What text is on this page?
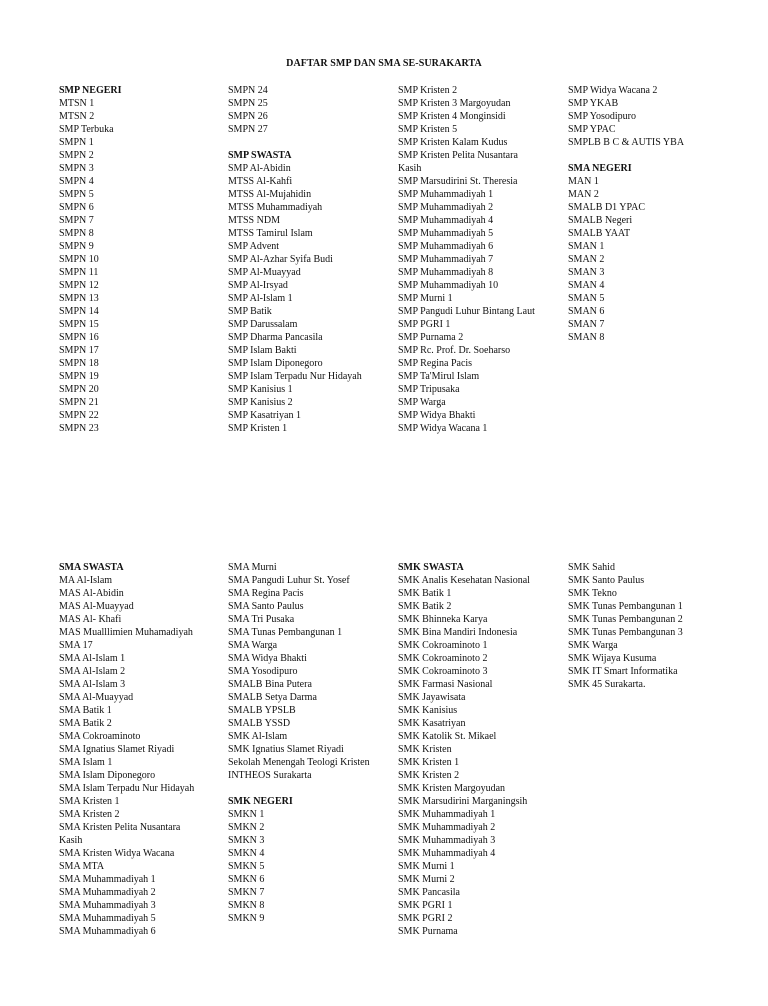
DAFTAR SMP DAN SMA SE-SURAKARTA
SMP NEGERI
MTSN 1
MTSN 2
SMP Terbuka
SMPN 1
SMPN 2
SMPN 3
SMPN 4
SMPN 5
SMPN 6
SMPN 7
SMPN 8
SMPN 9
SMPN 10
SMPN 11
SMPN 12
SMPN 13
SMPN 14
SMPN 15
SMPN 16
SMPN 17
SMPN 18
SMPN 19
SMPN 20
SMPN 21
SMPN 22
SMPN 23
SMPN 24
SMPN 25
SMPN 26
SMPN 27
SMP SWASTA
SMP Al-Abidin
MTSS Al-Kahfi
MTSS Al-Mujahidin
MTSS Muhammadiyah
MTSS NDM
MTSS Tamirul Islam
SMP Advent
SMP Al-Azhar Syifa Budi
SMP Al-Muayyad
SMP Al-Irsyad
SMP Al-Islam 1
SMP Batik
SMP Darussalam
SMP Dharma Pancasila
SMP Islam Bakti
SMP Islam Diponegoro
SMP Islam Terpadu Nur Hidayah
SMP Kanisius 1
SMP Kanisius 2
SMP Kasatriyan 1
SMP Kristen 1
SMP Kristen 2
SMP Kristen 3 Margoyudan
SMP Kristen 4 Monginsidi
SMP Kristen 5
SMP Kristen Kalam Kudus
SMP Kristen Pelita Nusantara
Kasih
SMP Marsudirini St. Theresia
SMP Muhammadiyah 1
SMP Muhammadiyah 2
SMP Muhammadiyah 4
SMP Muhammadiyah 5
SMP Muhammadiyah 6
SMP Muhammadiyah 7
SMP Muhammadiyah 8
SMP Muhammadiyah 10
SMP Murni 1
SMP Pangudi Luhur Bintang Laut
SMP PGRI 1
SMP Purnama 2
SMP Rc. Prof. Dr. Soeharso
SMP Regina Pacis
SMP Ta'Mirul Islam
SMP Tripusaka
SMP Warga
SMP Widya Bhakti
SMP Widya Wacana 1
SMP Widya Wacana 2
SMP YKAB
SMP Yosodipuro
SMP YPAC
SMPLB B C & AUTIS YBA
SMA NEGERI
MAN 1
MAN 2
SMALB D1 YPAC
SMALB Negeri
SMALB YAAT
SMAN 1
SMAN 2
SMAN 3
SMAN 4
SMAN 5
SMAN 6
SMAN 7
SMAN 8
SMA SWASTA
MA Al-Islam
MAS Al-Abidin
MAS Al-Muayyad
MAS Al- Khafi
MAS Mualllimien Muhamadiyah
SMA 17
SMA Al-Islam 1
SMA Al-Islam 2
SMA Al-Islam 3
SMA Al-Muayyad
SMA Batik 1
SMA Batik 2
SMA Cokroaminoto
SMA Ignatius Slamet Riyadi
SMA Islam 1
SMA Islam Diponegoro
SMA Islam Terpadu Nur Hidayah
SMA Kristen 1
SMA Kristen 2
SMA Kristen Pelita Nusantara
Kasih
SMA Kristen Widya Wacana
SMA MTA
SMA Muhammadiyah 1
SMA Muhammadiyah 2
SMA Muhammadiyah 3
SMA Muhammadiyah 5
SMA Muhammadiyah 6
SMA Murni
SMA Pangudi Luhur St. Yosef
SMA Regina Pacis
SMA Santo Paulus
SMA Tri Pusaka
SMA Tunas Pembangunan 1
SMA Warga
SMA Widya Bhakti
SMA Yosodipuro
SMALB Bina Putera
SMALB Setya Darma
SMALB YPSLB
SMALB YSSD
SMK Al-Islam
SMK Ignatius Slamet Riyadi
Sekolah Menengah Teologi Kristen
INTHEOS Surakarta
SMK NEGERI
SMKN 1
SMKN 2
SMKN 3
SMKN 4
SMKN 5
SMKN 6
SMKN 7
SMKN 8
SMKN 9
SMK SWASTA
SMK Analis Kesehatan Nasional
SMK Batik 1
SMK Batik 2
SMK Bhinneka Karya
SMK Bina Mandiri Indonesia
SMK Cokroaminoto 1
SMK Cokroaminoto 2
SMK Cokroaminoto 3
SMK Farmasi Nasional
SMK Jayawisata
SMK Kanisius
SMK Kasatriyan
SMK Katolik St. Mikael
SMK Kristen
SMK Kristen 1
SMK Kristen 2
SMK Kristen Margoyudan
SMK Marsudirini Marganingsih
SMK Muhammadiyah 1
SMK Muhammadiyah 2
SMK Muhammadiyah 3
SMK Muhammadiyah 4
SMK Murni 1
SMK Murni 2
SMK Pancasila
SMK PGRI 1
SMK PGRI 2
SMK Purnama
SMK Sahid
SMK Santo Paulus
SMK Tekno
SMK Tunas Pembangunan 1
SMK Tunas Pembangunan 2
SMK Tunas Pembangunan 3
SMK Warga
SMK Wijaya Kusuma
SMK IT Smart Informatika
SMK 45 Surakarta.
